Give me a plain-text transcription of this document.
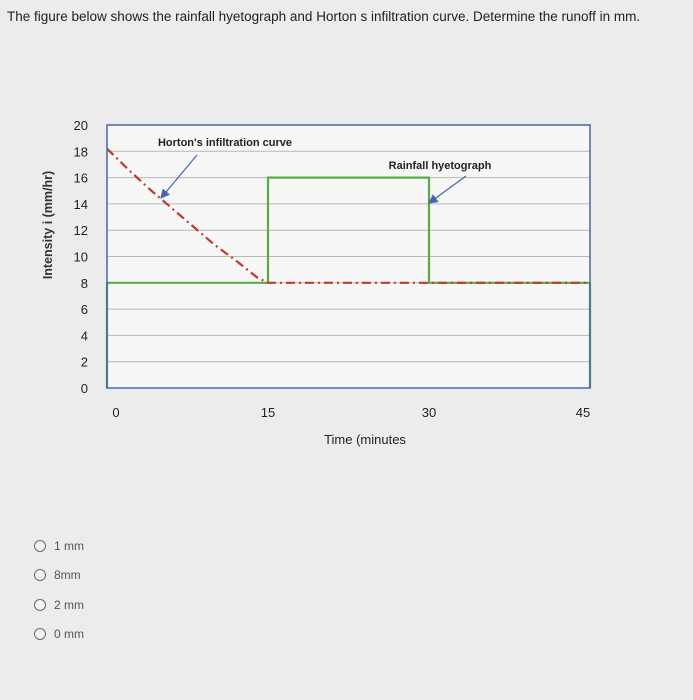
The figure below shows the rainfall hyetograph and Horton s infiltration curve. Determine the runoff in mm.
20
18
16
14
12
10
8
6
4
2
0
0	15	30	45
Intensity i (mm/hr)
Time (minutes
Horton's infiltration curve
Rainfall hyetograph
1 mm
8mm
2 mm
0 mm
